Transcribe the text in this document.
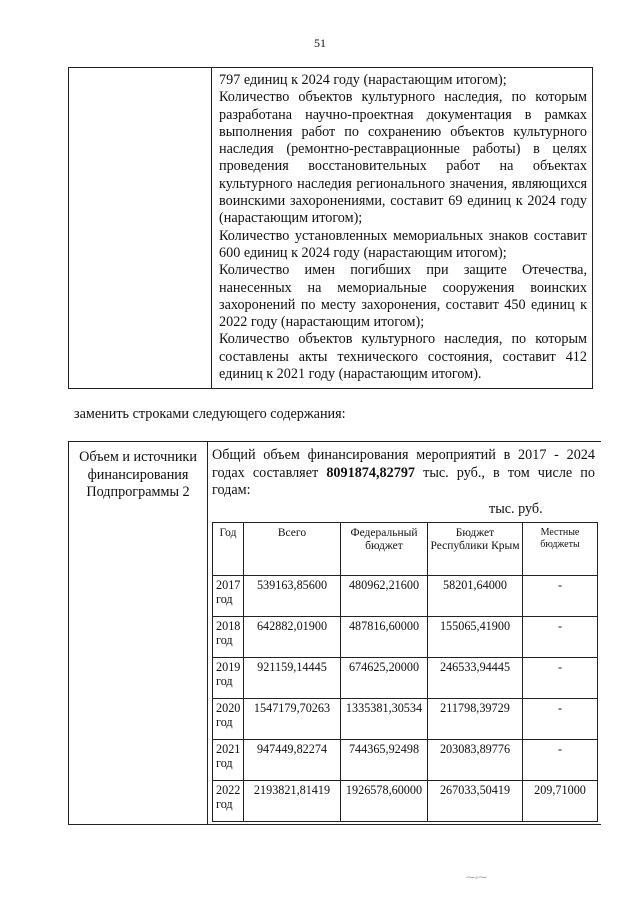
51

797 единиц к 2024 году (нарастающим итогом);

Количество объектов культурного наследия, по которым разработана научно-проектная документация в рамках выполнения работ по сохранению объектов культурного наследия (ремонтно-реставрационные работы) в целях проведения восстановительных работ на объектах культурного наследия регионального значения, являющихся воинскими захоронениями, составит 69 единиц к 2024 году (нарастающим итогом);

Количество установленных мемориальных знаков составит 600 единиц к 2024 году (нарастающим итогом);

Количество имен погибших при защите Отечества, нанесенных на мемориальные сооружения воинских захоронений по месту захоронения, составит 450 единиц к 2022 году (нарастающим итогом);

Количество объектов культурного наследия, по которым составлены акты технического состояния, составит 412 единиц к 2021 году (нарастающим итогом).

заменить строками следующего содержания:
Объем и источники финансирования Подпрограммы 2
Общий объем финансирования мероприятий в 2017 - 2024 годах составляет 8091874,82797 тыс. руб., в том числе по годам:
тыс. руб.
Год	Всего	Федеральный бюджет	Бюджет Республики Крым	Местные бюджеты
2017 год	539163,85600	480962,21600	58201,64000	-
2018 год	642882,01900	487816,60000	155065,41900	-
2019 год	921159,14445	674625,20000	246533,94445	-
2020 год	1547179,70263	1335381,30534	211798,39729	-
2021 год	947449,82274	744365,92498	203083,89776	-
2022 год	2193821,81419	1926578,60000	267033,50419	209,71000
⁓⸗⁓
